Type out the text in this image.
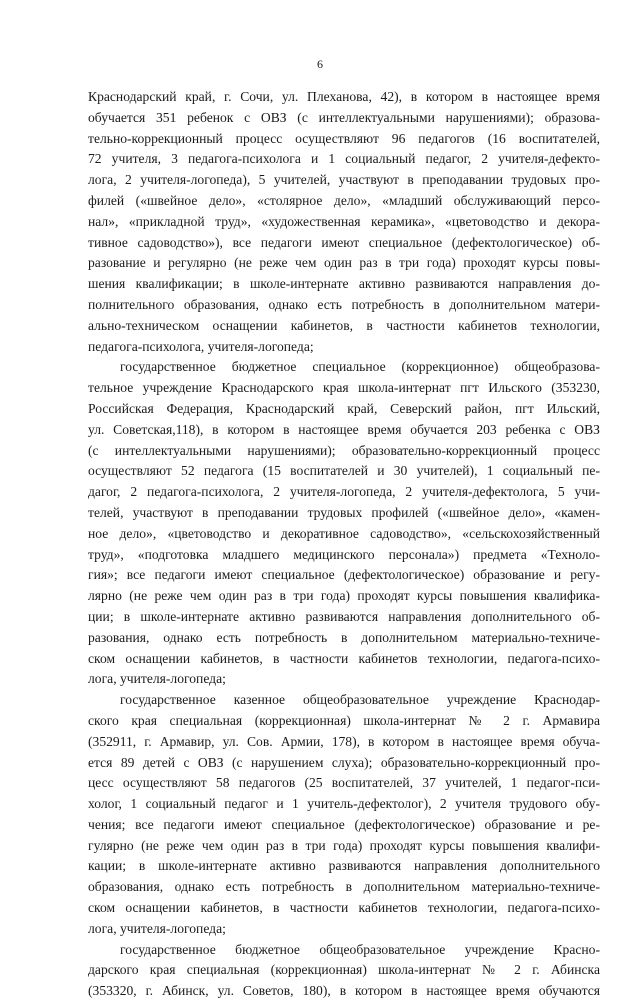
6
Краснодарский край, г. Сочи, ул. Плеханова, 42), в котором в настоящее время
обучается 351 ребенок с ОВЗ (с интеллектуальными нарушениями); образова-
тельно-коррекционный процесс осуществляют 96 педагогов (16 воспитателей,
72 учителя, 3 педагога-психолога и 1 социальный педагог, 2 учителя-дефекто-
лога, 2 учителя-логопеда), 5 учителей, участвуют в преподавании трудовых про-
филей («швейное дело», «столярное дело», «младший обслуживающий персо-
нал», «прикладной труд», «художественная керамика», «цветоводство и декора-
тивное садоводство»), все педагоги имеют специальное (дефектологическое) об-
разование и регулярно (не реже чем один раз в три года) проходят курсы повы-
шения квалификации; в школе-интернате активно развиваются направления до-
полнительного образования, однако есть потребность в дополнительном матери-
ально-техническом оснащении кабинетов, в частности кабинетов технологии,
педагога-психолога, учителя-логопеда;
государственное бюджетное специальное (коррекционное) общеобразова-
тельное учреждение Краснодарского края школа-интернат пгт Ильского (353230,
Российская Федерация, Краснодарский край, Северский район, пгт Ильский,
ул. Советская,118), в котором в настоящее время обучается 203 ребенка с ОВЗ
(с интеллектуальными нарушениями); образовательно-коррекционный процесс
осуществляют 52 педагога (15 воспитателей и 30 учителей), 1 социальный пе-
дагог, 2 педагога-психолога, 2 учителя-логопеда, 2 учителя-дефектолога, 5 учи-
телей, участвуют в преподавании трудовых профилей («швейное дело», «камен-
ное дело», «цветоводство и декоративное садоводство», «сельскохозяйственный
труд», «подготовка младшего медицинского персонала») предмета «Техноло-
гия»; все педагоги имеют специальное (дефектологическое) образование и регу-
лярно (не реже чем один раз в три года) проходят курсы повышения квалифика-
ции; в школе-интернате активно развиваются направления дополнительного об-
разования, однако есть потребность в дополнительном материально-техниче-
ском оснащении кабинетов, в частности кабинетов технологии, педагога-психо-
лога, учителя-логопеда;
государственное казенное общеобразовательное учреждение Краснодар-
ского края специальная (коррекционная) школа-интернат № 2 г. Армавира
(352911, г. Армавир, ул. Сов. Армии, 178), в котором в настоящее время обуча-
ется 89 детей с ОВЗ (с нарушением слуха); образовательно-коррекционный про-
цесс осуществляют 58 педагогов (25 воспитателей, 37 учителей, 1 педагог-пси-
холог, 1 социальный педагог и 1 учитель-дефектолог), 2 учителя трудового обу-
чения; все педагоги имеют специальное (дефектологическое) образование и ре-
гулярно (не реже чем один раз в три года) проходят курсы повышения квалифи-
кации; в школе-интернате активно развиваются направления дополнительного
образования, однако есть потребность в дополнительном материально-техниче-
ском оснащении кабинетов, в частности кабинетов технологии, педагога-психо-
лога, учителя-логопеда;
государственное бюджетное общеобразовательное учреждение Красно-
дарского края специальная (коррекционная) школа-интернат № 2 г. Абинска
(353320, г. Абинск, ул. Советов, 180), в котором в настоящее время обучаются
